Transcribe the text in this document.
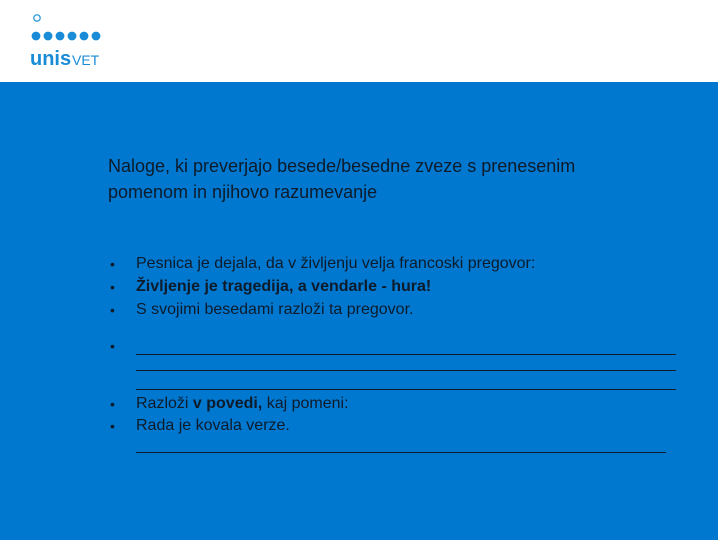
unis VET
Naloge, ki preverjajo besede/besedne zveze s prenesenim
pomenom in njihovo razumevanje
• Pesnica je dejala, da v življenju velja francoski pregovor:
• Življenje je tragedija, a vendarle - hura!
• S svojimi besedami razloži ta pregovor.
•
• Razloži v povedi, kaj pomeni:
• Rada je kovala verze.
